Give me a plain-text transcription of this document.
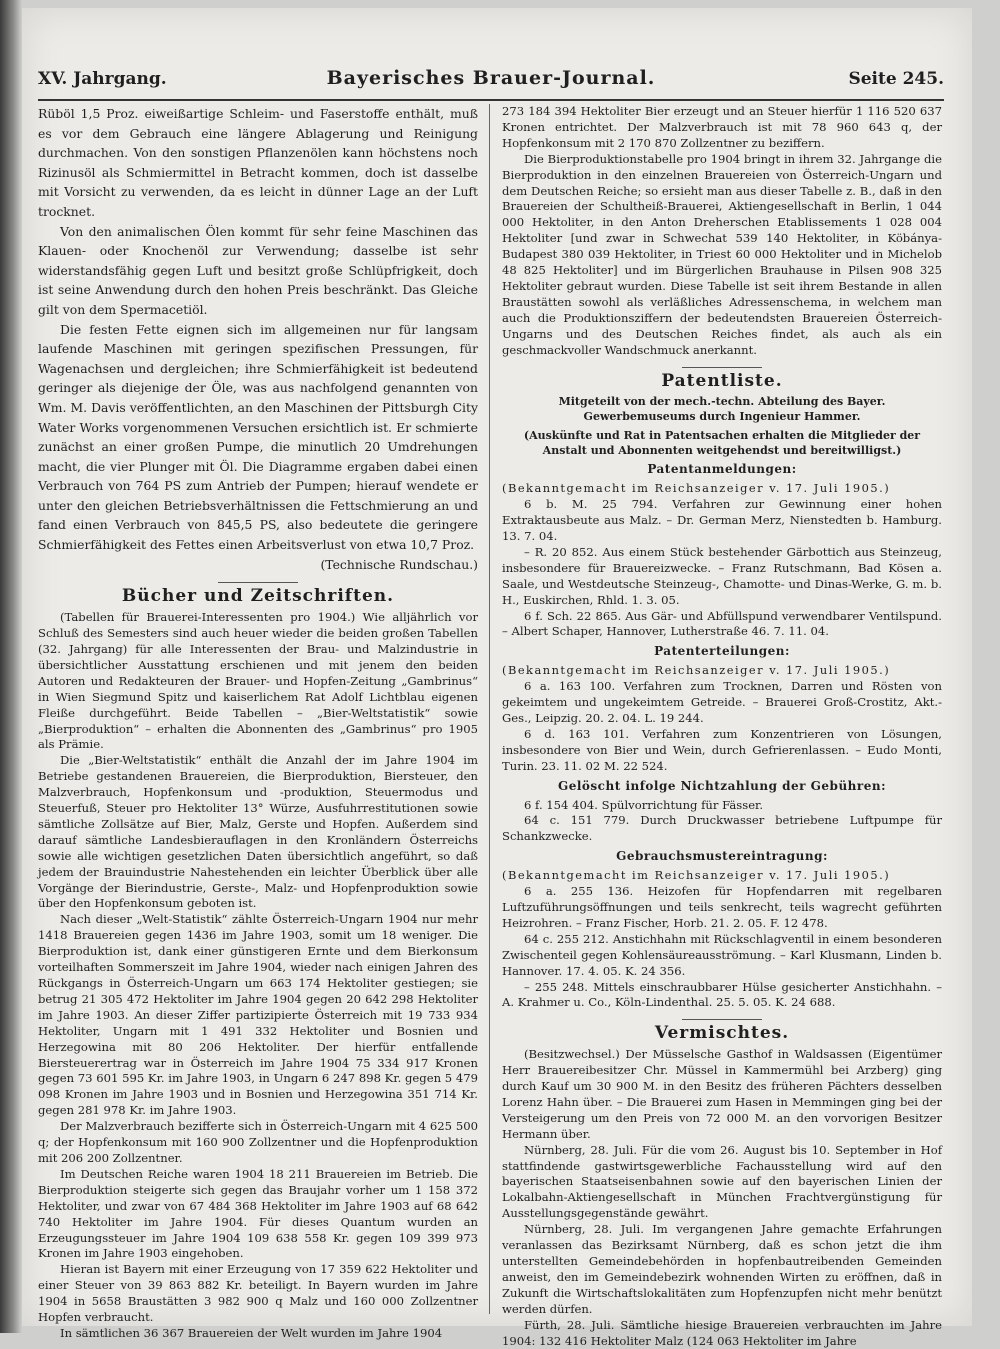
XV. Jahrgang.	Bayerisches Brauer-Journal.	Seite 245.

Rüböl 1,5 Proz. eiweißartige Schleim- und Faserstoffe enthält, muß es vor dem Gebrauch eine längere Ablagerung und Reinigung durchmachen. Von den sonstigen Pflanzenölen kann höchstens noch Rizinusöl als Schmiermittel in Betracht kommen, doch ist dasselbe mit Vorsicht zu verwenden, da es leicht in dünner Lage an der Luft trocknet.

Von den animalischen Ölen kommt für sehr feine Maschinen das Klauen- oder Knochenöl zur Verwendung; dasselbe ist sehr widerstandsfähig gegen Luft und besitzt große Schlüpfrigkeit, doch ist seine Anwendung durch den hohen Preis beschränkt. Das Gleiche gilt von dem Spermacetiöl.

Die festen Fette eignen sich im allgemeinen nur für langsam laufende Maschinen mit geringen spezifischen Pressungen, für Wagenachsen und dergleichen; ihre Schmierfähigkeit ist bedeutend geringer als diejenige der Öle, was aus nachfolgend genannten von Wm. M. Davis veröffentlichten, an den Maschinen der Pittsburgh City Water Works vorgenommenen Versuchen ersichtlich ist. Er schmierte zunächst an einer großen Pumpe, die minutlich 20 Umdrehungen macht, die vier Plunger mit Öl. Die Diagramme ergaben dabei einen Verbrauch von 764 PS zum Antrieb der Pumpen; hierauf wendete er unter den gleichen Betriebsverhältnissen die Fettschmierung an und fand einen Verbrauch von 845,5 PS, also bedeutete die geringere Schmierfähigkeit des Fettes einen Arbeitsverlust von etwa 10,7 Proz.

(Technische Rundschau.)

Bücher und Zeitschriften.

(Tabellen für Brauerei-Interessenten pro 1904.) Wie alljährlich vor Schluß des Semesters sind auch heuer wieder die beiden großen Tabellen (32. Jahrgang) für alle Interessenten der Brau- und Malzindustrie in übersichtlicher Ausstattung erschienen und mit jenem den beiden Autoren und Redakteuren der Brauer- und Hopfen-Zeitung „Gambrinus“ in Wien Siegmund Spitz und kaiserlichem Rat Adolf Lichtblau eigenen Fleiße durchgeführt. Beide Tabellen – „Bier-Weltstatistik“ sowie „Bierproduktion“ – erhalten die Abonnenten des „Gambrinus“ pro 1905 als Prämie.

Die „Bier-Weltstatistik“ enthält die Anzahl der im Jahre 1904 im Betriebe gestandenen Brauereien, die Bierproduktion, Biersteuer, den Malzverbrauch, Hopfenkonsum und -produktion, Steuermodus und Steuerfuß, Steuer pro Hektoliter 13° Würze, Ausfuhrrestitutionen sowie sämtliche Zollsätze auf Bier, Malz, Gerste und Hopfen. Außerdem sind darauf sämtliche Landesbierauflagen in den Kronländern Österreichs sowie alle wichtigen gesetzlichen Daten übersichtlich angeführt, so daß jedem der Brauindustrie Nahestehenden ein leichter Überblick über alle Vorgänge der Bierindustrie, Gerste-, Malz- und Hopfenproduktion sowie über den Hopfenkonsum geboten ist.

Nach dieser „Welt-Statistik“ zählte Österreich-Ungarn 1904 nur mehr 1418 Brauereien gegen 1436 im Jahre 1903, somit um 18 weniger. Die Bierproduktion ist, dank einer günstigeren Ernte und dem Bierkonsum vorteilhaften Sommerszeit im Jahre 1904, wieder nach einigen Jahren des Rückgangs in Österreich-Ungarn um 663 174 Hektoliter gestiegen; sie betrug 21 305 472 Hektoliter im Jahre 1904 gegen 20 642 298 Hektoliter im Jahre 1903. An dieser Ziffer partizipierte Österreich mit 19 733 934 Hektoliter, Ungarn mit 1 491 332 Hektoliter und Bosnien und Herzegowina mit 80 206 Hektoliter. Der hierfür entfallende Biersteuerertrag war in Österreich im Jahre 1904 75 334 917 Kronen gegen 73 601 595 Kr. im Jahre 1903, in Ungarn 6 247 898 Kr. gegen 5 479 098 Kronen im Jahre 1903 und in Bosnien und Herzegowina 351 714 Kr. gegen 281 978 Kr. im Jahre 1903.

Der Malzverbrauch bezifferte sich in Österreich-Ungarn mit 4 625 500 q; der Hopfenkonsum mit 160 900 Zollzentner und die Hopfenproduktion mit 206 200 Zollzentner.

Im Deutschen Reiche waren 1904 18 211 Brauereien im Betrieb. Die Bierproduktion steigerte sich gegen das Braujahr vorher um 1 158 372 Hektoliter, und zwar von 67 484 368 Hektoliter im Jahre 1903 auf 68 642 740 Hektoliter im Jahre 1904. Für dieses Quantum wurden an Erzeugungssteuer im Jahre 1904 109 638 558 Kr. gegen 109 399 973 Kronen im Jahre 1903 eingehoben.

Hieran ist Bayern mit einer Erzeugung von 17 359 622 Hektoliter und einer Steuer von 39 863 882 Kr. beteiligt. In Bayern wurden im Jahre 1904 in 5658 Braustätten 3 982 900 q Malz und 160 000 Zollzentner Hopfen verbraucht.

In sämtlichen 36 367 Brauereien der Welt wurden im Jahre 1904

273 184 394 Hektoliter Bier erzeugt und an Steuer hierfür 1 116 520 637 Kronen entrichtet. Der Malzverbrauch ist mit 78 960 643 q, der Hopfenkonsum mit 2 170 870 Zollzentner zu beziffern.

Die Bierproduktionstabelle pro 1904 bringt in ihrem 32. Jahrgange die Bierproduktion in den einzelnen Brauereien von Österreich-Ungarn und dem Deutschen Reiche; so ersieht man aus dieser Tabelle z. B., daß in den Brauereien der Schultheiß-Brauerei, Aktiengesellschaft in Berlin, 1 044 000 Hektoliter, in den Anton Dreherschen Etablissements 1 028 004 Hektoliter [und zwar in Schwechat 539 140 Hektoliter, in Köbánya-Budapest 380 039 Hektoliter, in Triest 60 000 Hektoliter und in Michelob 48 825 Hektoliter] und im Bürgerlichen Brauhause in Pilsen 908 325 Hektoliter gebraut wurden. Diese Tabelle ist seit ihrem Bestande in allen Braustätten sowohl als verläßliches Adressenschema, in welchem man auch die Produktionsziffern der bedeutendsten Brauereien Österreich-Ungarns und des Deutschen Reiches findet, als auch als ein geschmackvoller Wandschmuck anerkannt.

Patentliste.
Mitgeteilt von der mech.-techn. Abteilung des Bayer. Gewerbemuseums durch Ingenieur Hammer.
(Auskünfte und Rat in Patentsachen erhalten die Mitglieder der Anstalt und Abonnenten weitgehendst und bereitwilligst.)
Patentanmeldungen:

(Bekanntgemacht im Reichsanzeiger v. 17. Juli 1905.)

6 b. M. 25 794. Verfahren zur Gewinnung einer hohen Extraktausbeute aus Malz. – Dr. German Merz, Nienstedten b. Hamburg. 13. 7. 04.

– R. 20 852. Aus einem Stück bestehender Gärbottich aus Steinzeug, insbesondere für Brauereizwecke. – Franz Rutschmann, Bad Kösen a. Saale, und Westdeutsche Steinzeug-, Chamotte- und Dinas-Werke, G. m. b. H., Euskirchen, Rhld. 1. 3. 05.

6 f. Sch. 22 865. Aus Gär- und Abfüllspund verwendbarer Ventilspund. – Albert Schaper, Hannover, Lutherstraße 46. 7. 11. 04.

Patenterteilungen:

(Bekanntgemacht im Reichsanzeiger v. 17. Juli 1905.)

6 a. 163 100. Verfahren zum Trocknen, Darren und Rösten von gekeimtem und ungekeimtem Getreide. – Brauerei Groß-Crostitz, Akt.-Ges., Leipzig. 20. 2. 04. L. 19 244.

6 d. 163 101. Verfahren zum Konzentrieren von Lösungen, insbesondere von Bier und Wein, durch Gefrierenlassen. – Eudo Monti, Turin. 23. 11. 02 M. 22 524.

Gelöscht infolge Nichtzahlung der Gebühren:

6 f. 154 404. Spülvorrichtung für Fässer.

64 c. 151 779. Durch Druckwasser betriebene Luftpumpe für Schankzwecke.

Gebrauchsmustereintragung:

(Bekanntgemacht im Reichsanzeiger v. 17. Juli 1905.)

6 a. 255 136. Heizofen für Hopfendarren mit regelbaren Luftzuführungsöffnungen und teils senkrecht, teils wagrecht geführten Heizrohren. – Franz Fischer, Horb. 21. 2. 05. F. 12 478.

64 c. 255 212. Anstichhahn mit Rückschlagventil in einem besonderen Zwischenteil gegen Kohlensäureausströmung. – Karl Klusmann, Linden b. Hannover. 17. 4. 05. K. 24 356.

– 255 248. Mittels einschraubbarer Hülse gesicherter Anstichhahn. – A. Krahmer u. Co., Köln-Lindenthal. 25. 5. 05. K. 24 688.

Vermischtes.

(Besitzwechsel.) Der Müsselsche Gasthof in Waldsassen (Eigentümer Herr Brauereibesitzer Chr. Müssel in Kammermühl bei Arzberg) ging durch Kauf um 30 900 M. in den Besitz des früheren Pächters desselben Lorenz Hahn über. – Die Brauerei zum Hasen in Memmingen ging bei der Versteigerung um den Preis von 72 000 M. an den vorvorigen Besitzer Hermann über.

Nürnberg, 28. Juli. Für die vom 26. August bis 10. September in Hof stattfindende gastwirtsgewerbliche Fachausstellung wird auf den bayerischen Staatseisenbahnen sowie auf den bayerischen Linien der Lokalbahn-Aktiengesellschaft in München Frachtvergünstigung für Ausstellungsgegenstände gewährt.

Nürnberg, 28. Juli. Im vergangenen Jahre gemachte Erfahrungen veranlassen das Bezirksamt Nürnberg, daß es schon jetzt die ihm unterstellten Gemeindebehörden in hopfenbautreibenden Gemeinden anweist, den im Gemeindebezirk wohnenden Wirten zu eröffnen, daß in Zukunft die Wirtschaftslokalitäten zum Hopfenzupfen nicht mehr benützt werden dürfen.

Fürth, 28. Juli. Sämtliche hiesige Brauereien verbrauchten im Jahre 1904: 132 416 Hektoliter Malz (124 063 Hektoliter im Jahre
